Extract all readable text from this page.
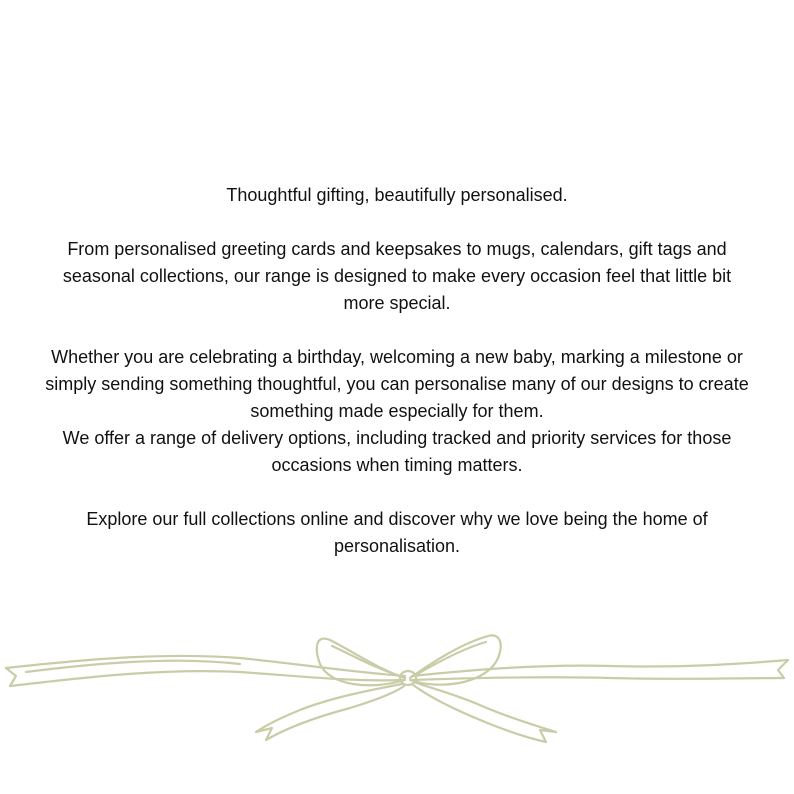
Thoughtful gifting, beautifully personalised.

From personalised greeting cards and keepsakes to mugs, calendars, gift tags and seasonal collections, our range is designed to make every occasion feel that little bit more special.

Whether you are celebrating a birthday, welcoming a new baby, marking a milestone or simply sending something thoughtful, you can personalise many of our designs to create something made especially for them.

We offer a range of delivery options, including tracked and priority services for those occasions when timing matters.

Explore our full collections online and discover why we love being the home of personalisation.
